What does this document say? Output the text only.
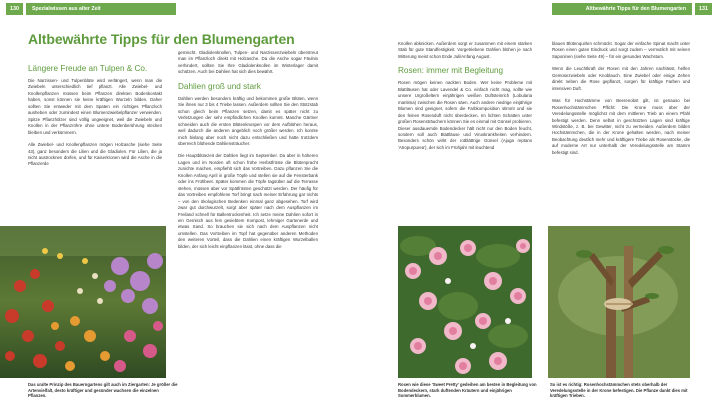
130	Spezialwissen aus alter Zeit
Altbewährte Tipps für den Blumengarten
Längere Freude an Tulpen & Co.

Die Narzissen- und Tulpenblüte wird verlängert, wenn man die Zwiebeln unterschiedlich tief pflanzt. Alle Zwiebel- und Knollenpflanzen müssen beim Pflanzen direkten Bodenkontakt haben, sonst können sie keine kräftigen Wurzeln bilden. Daher sollten Sie entweder mit dem Spaten ein richtiges Pflanzloch ausheben oder zumindest einen Blumenzwiebelpflanzer verwenden. Spitze Pflanzhölzer sind völlig ungeeignet, weil die Zwiebeln und Knollen in der Pflanzröhre ohne untere Bodenberührung stecken bleiben und verkümmern.

Alle Zwiebel- und Knollenpflanzen mögen Holzasche (siehe Seite 43), ganz besonders die Lilien und die Gladiolen. Für Lilien, die ja nicht austrocknen dürfen, und für Kaiserkronen wird die Asche in die Pflanzerde

gemischt. Gladiolenknollen, Tulpen- und Narzissenzwiebeln überstreut man im Pflanzloch direkt mit Holzasche. Da die Asche sogar Fäulnis verhindert, sollten Sie Ihre Gladiolenknollen im Winterlager damit schützen. Auch bei Dahlien hat sich dies bewährt.

Dahlien groß und stark

Dahlien werden besonders kräftig und bekommen große Blüten, wenn Sie ihnen nur 3 bis 4 Triebe lassen. Außerdem sollten Sie den Stützstab schon gleich beim Pflanzen setzen, damit es später nicht zu Verletzungen der sehr empfindlichen Knollen kommt. Manche Gärtner schneiden auch die ersten Blütenknospen vor dem Aufblühen heraus, weil dadurch die anderen angeblich noch größer werden. Ich konnte mich bislang aber noch nicht dazu entschließen und hatte trotzdem überreich blühende Dahliensträucher.

Die Hauptblütezeit der Dahlien liegt im September. Da aber in höheren Lagen und im Norden oft schon frühe Herbstfröste die Blütenpracht zunichte machen, empfiehlt sich das Vortreiben. Dazu pflanzen Sie die Knollen Anfang April in große Töpfe und stellen sie auf die Fensterbank oder ins Frühbeet. Später kommen die Töpfe tagsüber auf die Terrasse stehen, müssen aber vor Spätfrösten geschützt werden. Der häufig für das Vortreiben empfohlene Torf bringt nach meiner Erfahrung gar nichts – von den ökologischen Bedenken einmal ganz abgesehen. Torf wird zwar gut durchwurzelt, sorgt aber später nach dem Auspflanzen im Freiland schnell für Ballentrockenheit. Ich setze meine Dahlien sofort in ein Gemisch aus fein gesiebtem Kompost, lehmiger Gartenerde und etwas Sand. So brauchen sie sich nach dem Auspflanzen nicht umstellen. Das Vortreiben im Topf hat gegenüber anderen Methoden den weiteren Vorteil, dass die Dahlien einen kräftigen Wurzelballen bilden, der sich leicht einpflanzen lässt, ohne dass die

Das uralte Prinzip des Bauerngartens gilt auch im Ziergarten: Je größer die Artenvielfalt, desto kräftiger und gesünder wachsen die einzelnen Pflanzen.
Altbewährte Tipps für den Blumengarten	131

Knollen abknicken. Außerdem sorgt er zusammen mit einem starken Stab für gute Standfestigkeit. Vorgetriebene Dahlien blühen je nach Witterung meist schon Ende Juli/Anfang August.

Rosen: immer mit Begleitung

Rosen mögen keinen nackten Boden. Wer keine Probleme mit Blattläusen hat oder Lavendel & Co. einfach nicht mag, sollte wie unsere Urgroßeltern einjährigen weißen Duftsteinrich (Lobularia maritima) zwischen die Rosen säen. Auch andere niedrige einjährige Blumen sind geeignet, sofern die Farbkomposition stimmt und sie den feinen Rosenduft nicht überdecken. Im lichten Schatten unter großen Rosensträuchern können Sie es einmal mit Günsel probieren. Dieser ausdauernde Bodendecker hält nicht nur den Boden feucht, sondern soll auch Blattläuse und Viruskrankheiten verhindern. Besonders schön wirkt der rotblättrige Günsel (Ajuga reptans 'Atropurpurea'), der sich im Frühjahr mit leuchtend

blauen Blütenquirlen schmückt. Sogar der einfache Spinat macht unter Rosen einen guten Eindruck und sorgt zudem – vermutlich mit seinen Saponinen (siehe Seite 49) – für ein gesundes Wachstum.

Wenn die Leuchtkraft der Rosen mit den Jahren nachlässt, helfen Gemüsezwiebeln oder Knoblauch. Eine Zwiebel oder einige Zehen direkt neben die Rose gepflanzt, sorgen für kräftige Farben und intensiven Duft.

Was für Hochstämme von Beerenobst gilt, ist genauso bei Rosenhochstämmchen Pflicht: Die Krone muss über der Veredelungsstelle möglichst mit dem mittleren Trieb an einem Pfahl befestigt werden. Denn selbst in geschützten Lagen sind kräftige Windstöße, z. B. bei Gewitter, nicht zu vermeiden. Außerdem bilden Hochstämmchen, die in der Krone gehalten werden, nach meiner Beobachtung deutlich mehr und kräftigere Triebe als Rosenstöcke, die auf moderne Art nur unterhalb der Veredelungsstelle am Stamm befestigt sind.

Rosen wie diese 'Sweet Pretty' gedeihen am besten in Begleitung von Bodendeckern, stark duftenden Kräutern und einjährigen Sommerblumen.
So ist es richtig: Rosenhochstämmchen stets oberhalb der Veredelungsstelle in der Krone befestigen. Die Pflanze dankt dies mit kräftigen Trieben.
